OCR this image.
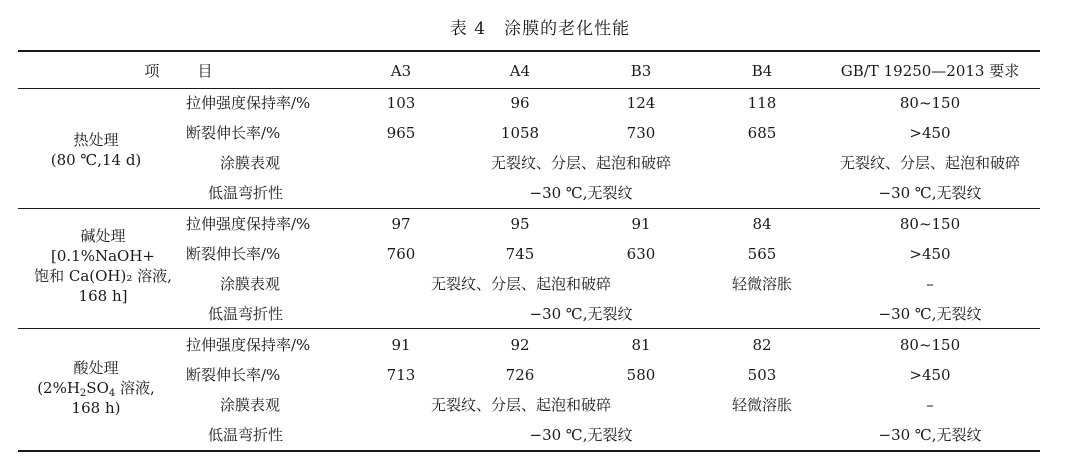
表 4 涂膜的老化性能
项	目	A3	A4	B3	B4	GB/T 19250—2013 要求
热处理
(80 ℃,14 d)
拉伸强度保持率/%	103	96	124	118	80~150
断裂伸长率/%	965	1058	730	685	>450
涂膜表观	无裂纹、分层、起泡和破碎	无裂纹、分层、起泡和破碎
低温弯折性	−30 ℃,无裂纹	−30 ℃,无裂纹
碱处理
[0.1%NaOH+
饱和 Ca(OH)₂ 溶液,
168 h]
拉伸强度保持率/%	97	95	91	84	80~150
断裂伸长率/%	760	745	630	565	>450
涂膜表观	无裂纹、分层、起泡和破碎	轻微溶胀	–
低温弯折性	−30 ℃,无裂纹	−30 ℃,无裂纹
酸处理
($2\%H_2SO_4$ 溶液,
168 h)
拉伸强度保持率/%	91	92	81	82	80~150
断裂伸长率/%	713	726	580	503	>450
涂膜表观	无裂纹、分层、起泡和破碎	轻微溶胀	–
低温弯折性	−30 ℃,无裂纹	−30 ℃,无裂纹
